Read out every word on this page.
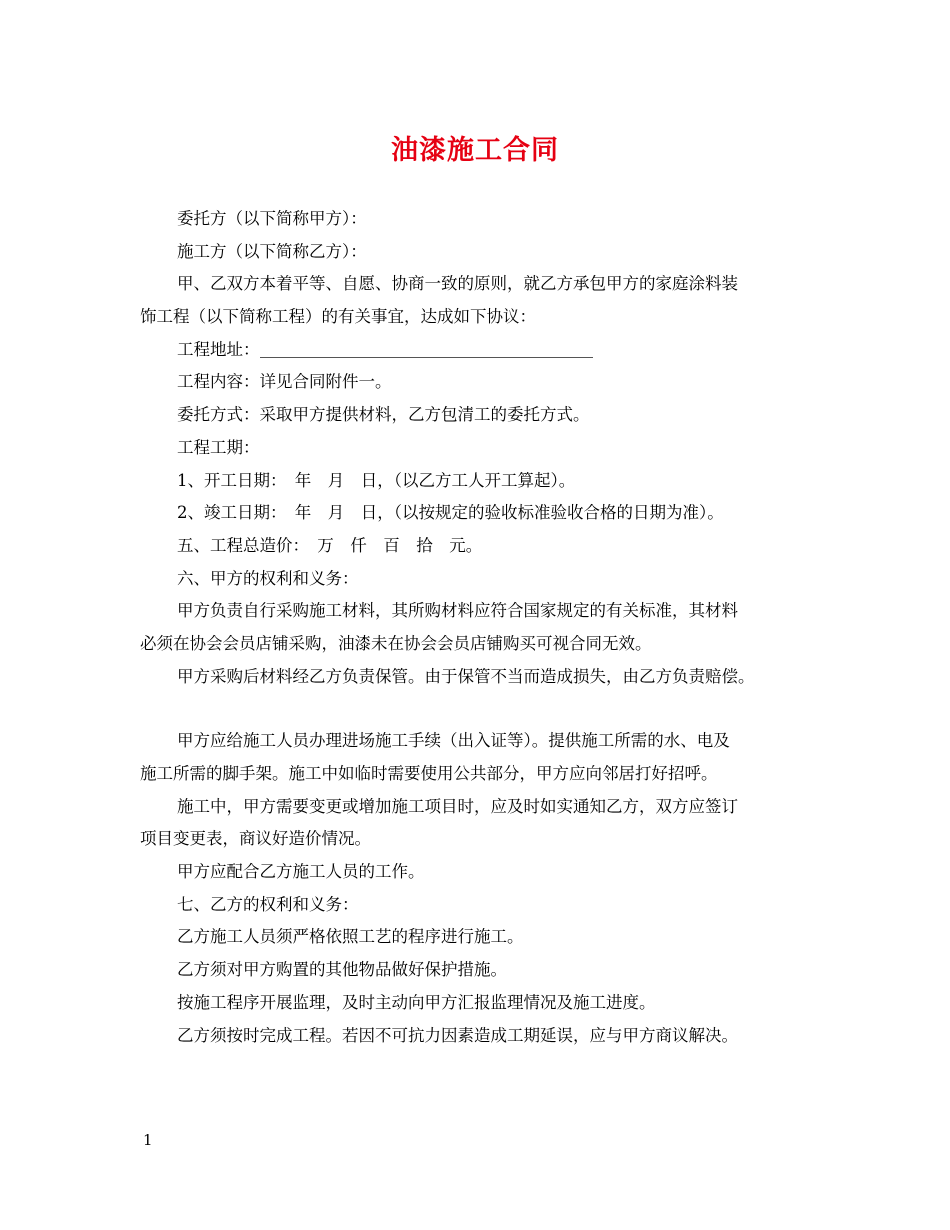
油漆施工合同
委托方（以下简称甲方）：
施工方（以下简称乙方）：
甲、乙双方本着平等、自愿、协商一致的原则，就乙方承包甲方的家庭涂料装
饰工程（以下简称工程）的有关事宜，达成如下协议：
工程地址：
工程内容：详见合同附件一。
委托方式：采取甲方提供材料，乙方包清工的委托方式。
工程工期：
1、开工日期：　年　月　日，（以乙方工人开工算起）。
2、竣工日期：　年　月　日，（以按规定的验收标准验收合格的日期为准）。
五、工程总造价：　万　仟　百　拾　元。
六、甲方的权利和义务：
甲方负责自行采购施工材料，其所购材料应符合国家规定的有关标准，其材料
必须在协会会员店铺采购，油漆未在协会会员店铺购买可视合同无效。
甲方采购后材料经乙方负责保管。由于保管不当而造成损失，由乙方负责赔偿。
甲方应给施工人员办理进场施工手续（出入证等）。提供施工所需的水、电及
施工所需的脚手架。施工中如临时需要使用公共部分，甲方应向邻居打好招呼。
施工中，甲方需要变更或增加施工项目时，应及时如实通知乙方，双方应签订
项目变更表，商议好造价情况。
甲方应配合乙方施工人员的工作。
七、乙方的权利和义务：
乙方施工人员须严格依照工艺的程序进行施工。
乙方须对甲方购置的其他物品做好保护措施。
按施工程序开展监理，及时主动向甲方汇报监理情况及施工进度。
乙方须按时完成工程。若因不可抗力因素造成工期延误，应与甲方商议解决。
1
